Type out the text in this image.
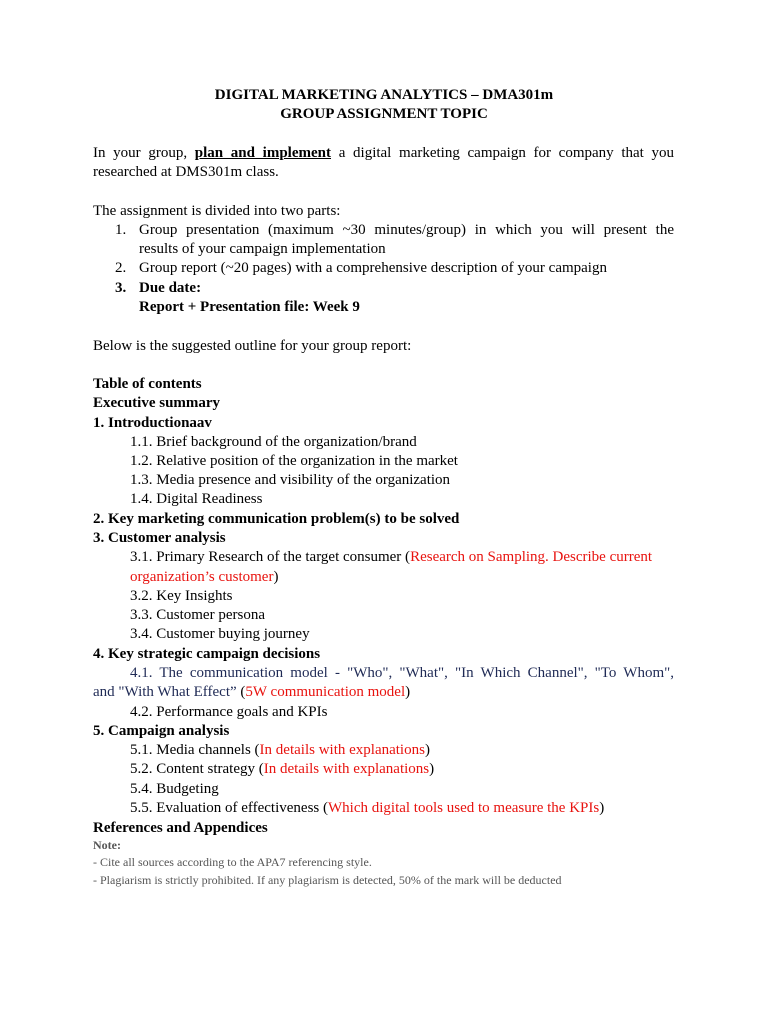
DIGITAL MARKETING ANALYTICS – DMA301m
GROUP ASSIGNMENT TOPIC
In your group, plan and implement a digital marketing campaign for company that you
researched at DMS301m class.
The assignment is divided into two parts:
1. Group presentation (maximum ~30 minutes/group) in which you will present the
results of your campaign implementation
2. Group report (~20 pages) with a comprehensive description of your campaign
3. Due date:
Report + Presentation file: Week 9
Below is the suggested outline for your group report:
Table of contents
Executive summary
1. Introductionaav
1.1. Brief background of the organization/brand
1.2. Relative position of the organization in the market
1.3. Media presence and visibility of the organization
1.4. Digital Readiness
2. Key marketing communication problem(s) to be solved
3. Customer analysis
3.1. Primary Research of the target consumer (Research on Sampling. Describe current
organization’s customer)
3.2. Key Insights
3.3. Customer persona
3.4. Customer buying journey
4. Key strategic campaign decisions
4.1. The communication model - "Who", "What", "In Which Channel", "To Whom",
and "With What Effect” (5W communication model)
4.2. Performance goals and KPIs
5. Campaign analysis
5.1. Media channels (In details with explanations)
5.2. Content strategy (In details with explanations)
5.4. Budgeting
5.5. Evaluation of effectiveness (Which digital tools used to measure the KPIs)
References and Appendices
Note:
- Cite all sources according to the APA7 referencing style.
- Plagiarism is strictly prohibited. If any plagiarism is detected, 50% of the mark will be deducted
